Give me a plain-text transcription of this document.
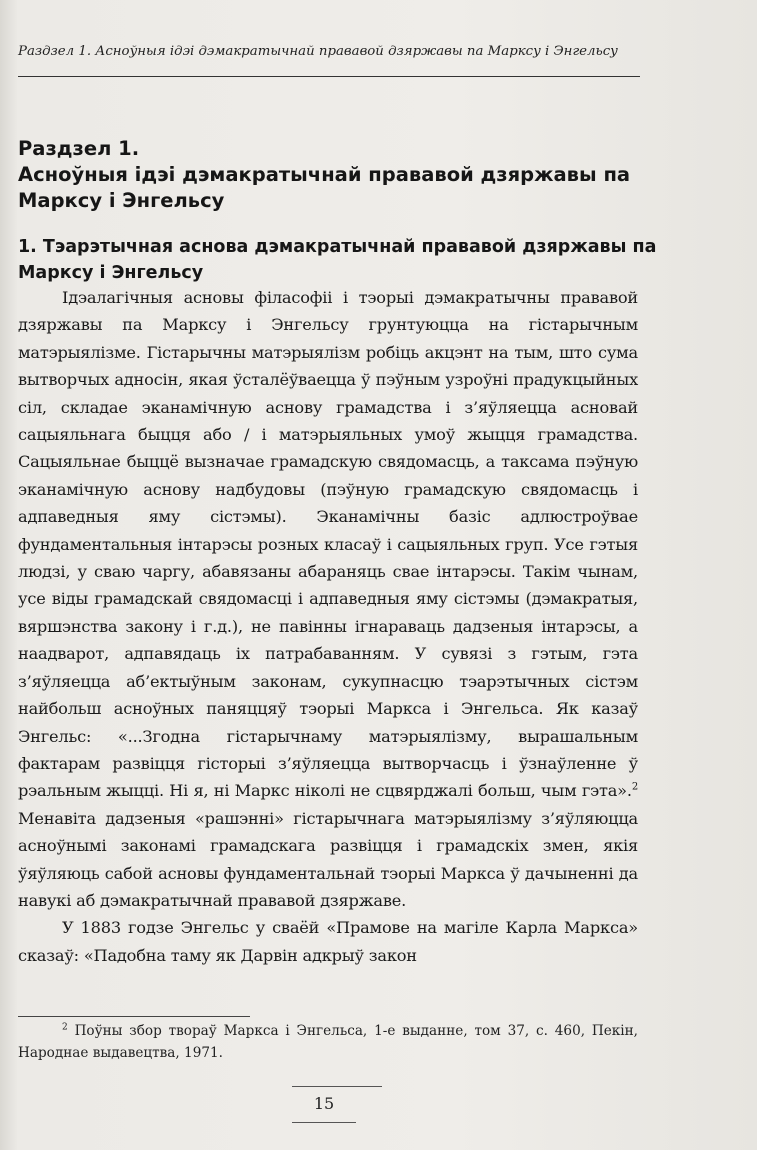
Раздзел 1. Асноўныя ідэі дэмакратычнай прававой дзяржавы па Марксу і Энгельсу
Раздзел 1.
Асноўныя ідэі дэмакратычнай прававой дзяржавы па Марксу і Энгельсу
1. Тэарэтычная аснова дэмакратычнай прававой дзяржавы па Марксу і Энгельсу

Ідэалагічныя асновы філасофіі і тэорыі дэмакратычны прававой дзяржавы па Марксу і Энгельсу грунтуюцца на гістарычным матэрыялізме. Гістарычны матэрыялізм робіць акцэнт на тым, што сума вытворчых адносін, якая ўсталёўваецца ў пэўным узроўні прадукцыйных сіл, складае эканамічную аснову грамадства і з’яўляецца асновай сацыяльнага быцця або / і матэрыяльных умоў жыцця грамадства. Сацыяльнае быццё вызначае грамадскую свядомасць, а таксама пэўную эканамічную аснову надбудовы (пэўную грамадскую свядомасць і адпаведныя яму сістэмы). Эканамічны базіс адлюстроўвае фундаментальныя інтарэсы розных класаў і сацыяльных груп. Усе гэтыя людзі, у сваю чаргу, абавязаны абараняць свае інтарэсы. Такім чынам, усе віды грамадскай свядомасці і адпаведныя яму сістэмы (дэмакратыя, вяршэнства закону і г.д.), не павінны ігнараваць дадзеныя інтарэсы, а наадварот, адпавядаць іх патрабаванням. У сувязі з гэтым, гэта з’яўляецца аб’ектыўным законам, сукупнасцю тэарэтычных сістэм найбольш асноўных паняццяў тэорыі Маркса і Энгельса. Як казаў Энгельс: «...Згодна гістарычнаму матэрыялізму, вырашальным фактарам развіцця гісторыі з’яўляецца вытворчасць і ўзнаўленне ў рэальным жыцці. Ні я, ні Маркс ніколі не сцвярджалі больш, чым гэта».$^2$ Менавіта дадзеныя «рашэнні» гістарычнага матэрыялізму з’яўляюцца асноўнымі законамі грамадскага развіцця і грамадскіх змен, якія ўяўляюць сабой асновы фундаментальнай тэорыі Маркса ў дачыненні да навукі аб дэмакратычнай прававой дзяржаве.

У 1883 годзе Энгельс у сваёй «Прамове на магіле Карла Маркса» сказаў: «Падобна таму як Дарвін адкрыў закон

$^2$ Поўны збор твораў Маркса і Энгельса, 1-е выданне, том 37, с. 460, Пекін, Народнае выдавецтва, 1971.

15
